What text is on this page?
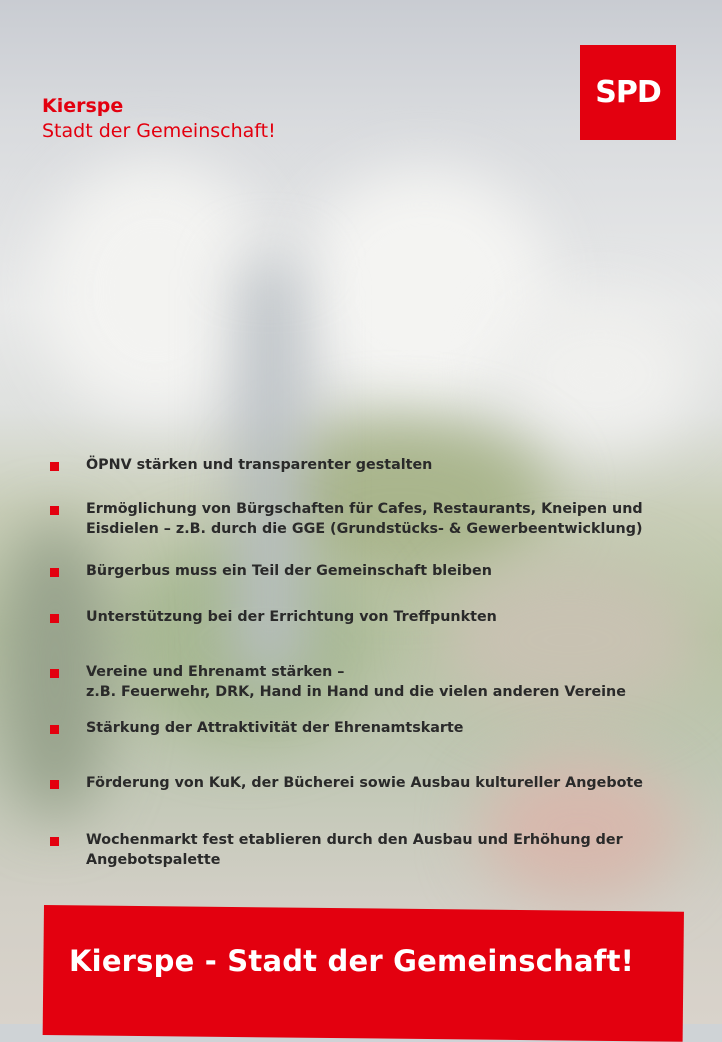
Kierspe
Stadt der Gemeinschaft!
SPD
ÖPNV stärken und transparenter gestalten
Ermöglichung von Bürgschaften für Cafes, Restaurants, Kneipen und
Eisdielen – z.B. durch die GGE (Grundstücks- & Gewerbeentwicklung)
Bürgerbus muss ein Teil der Gemeinschaft bleiben
Unterstützung bei der Errichtung von Treffpunkten
Vereine und Ehrenamt stärken –
z.B. Feuerwehr, DRK, Hand in Hand und die vielen anderen Vereine
Stärkung der Attraktivität der Ehrenamtskarte
Förderung von KuK, der Bücherei sowie Ausbau kultureller Angebote
Wochenmarkt fest etablieren durch den Ausbau und Erhöhung der
Angebotspalette
Kierspe - Stadt der Gemeinschaft!
